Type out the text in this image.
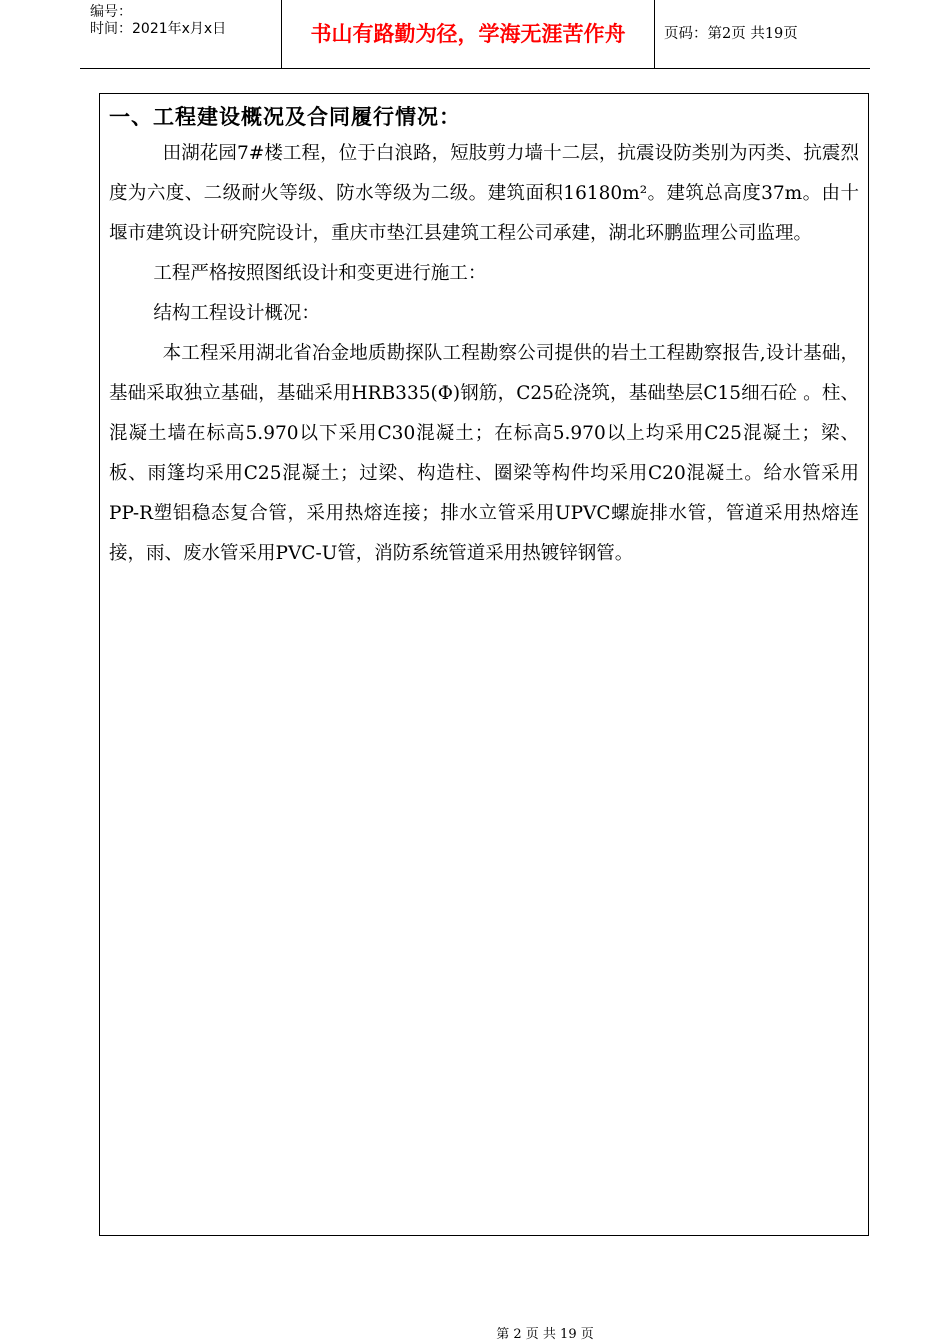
编号：
时间：2021年x月x日	书山有路勤为径，学海无涯苦作舟	页码：第2页 共19页
一、工程建设概况及合同履行情况：

田湖花园7#楼工程，位于白浪路，短肢剪力墙十二层，抗震设防类别为丙类、抗震烈度为六度、二级耐火等级、防水等级为二级。建筑面积16180m²。建筑总高度37m。由十堰市建筑设计研究院设计，重庆市垫江县建筑工程公司承建，湖北环鹏监理公司监理。

工程严格按照图纸设计和变更进行施工：

结构工程设计概况：

本工程采用湖北省冶金地质勘探队工程勘察公司提供的岩土工程勘察报告,设计基础，基础采取独立基础，基础采用HRB335(Φ)钢筋，C25砼浇筑，基础垫层C15细石砼 。柱、混凝土墙在标高5.970以下采用C30混凝土；在标高5.970以上均采用C25混凝土；梁、板、雨篷均采用C25混凝土；过梁、构造柱、圈梁等构件均采用C20混凝土。给水管采用PP-R塑铝稳态复合管，采用热熔连接；排水立管采用UPVC螺旋排水管，管道采用热熔连接，雨、废水管采用PVC-U管，消防系统管道采用热镀锌钢管。

第 2 页 共 19 页
